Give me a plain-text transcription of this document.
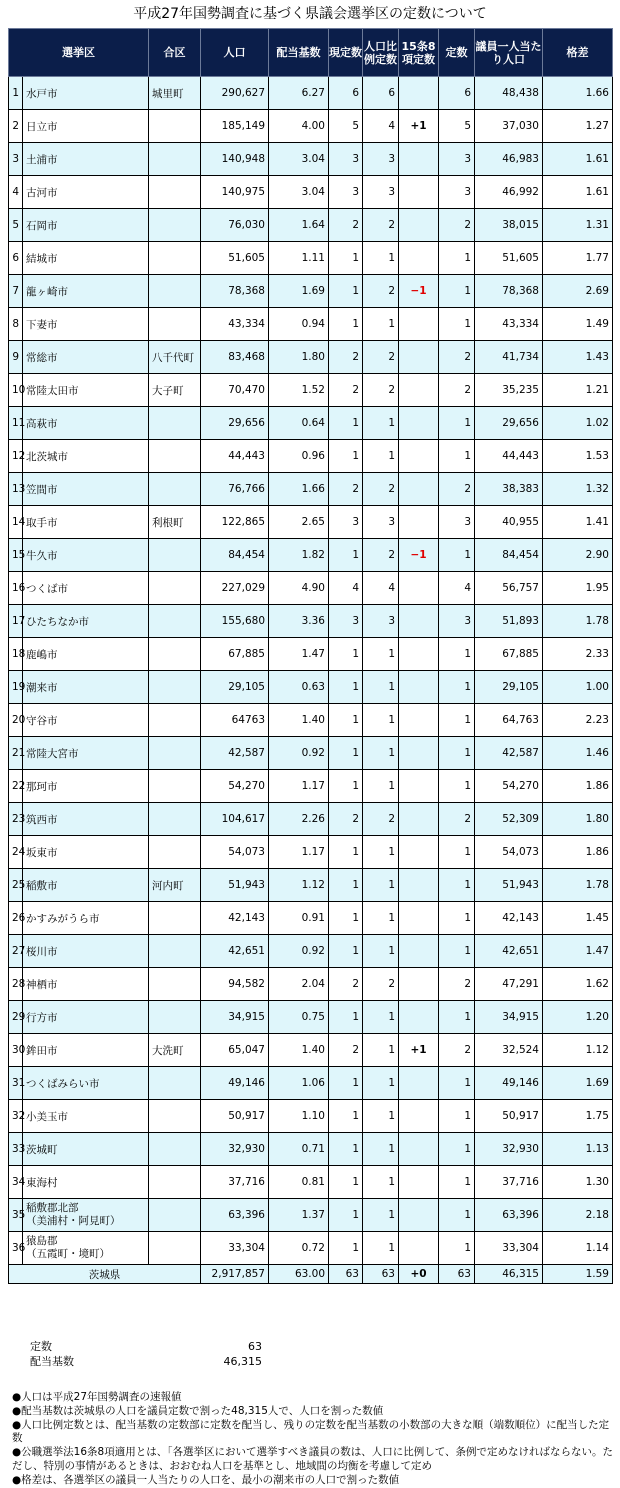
平成27年国勢調査に基づく県議会選挙区の定数について
選挙区		合区	人口	配当基数	現定数	人口比例定数	15条8項定数	定数	議員一人当たり人口	格差
1	水戸市	城里町	290,627	6.27	6	6		6	48,438	1.66
2	日立市		185,149	4.00	5	4	+1	5	37,030	1.27
3	土浦市		140,948	3.04	3	3		3	46,983	1.61
4	古河市		140,975	3.04	3	3		3	46,992	1.61
5	石岡市		76,030	1.64	2	2		2	38,015	1.31
6	結城市		51,605	1.11	1	1		1	51,605	1.77
7	龍ヶ崎市		78,368	1.69	1	2	−1	1	78,368	2.69
8	下妻市		43,334	0.94	1	1		1	43,334	1.49
9	常総市	八千代町	83,468	1.80	2	2		2	41,734	1.43
10	常陸太田市	大子町	70,470	1.52	2	2		2	35,235	1.21
11	高萩市		29,656	0.64	1	1		1	29,656	1.02
12	北茨城市		44,443	0.96	1	1		1	44,443	1.53
13	笠間市		76,766	1.66	2	2		2	38,383	1.32
14	取手市	利根町	122,865	2.65	3	3		3	40,955	1.41
15	牛久市		84,454	1.82	1	2	−1	1	84,454	2.90
16	つくば市		227,029	4.90	4	4		4	56,757	1.95
17	ひたちなか市		155,680	3.36	3	3		3	51,893	1.78
18	鹿嶋市		67,885	1.47	1	1		1	67,885	2.33
19	潮来市		29,105	0.63	1	1		1	29,105	1.00
20	守谷市		64763	1.40	1	1		1	64,763	2.23
21	常陸大宮市		42,587	0.92	1	1		1	42,587	1.46
22	那珂市		54,270	1.17	1	1		1	54,270	1.86
23	筑西市		104,617	2.26	2	2		2	52,309	1.80
24	坂東市		54,073	1.17	1	1		1	54,073	1.86
25	稲敷市	河内町	51,943	1.12	1	1		1	51,943	1.78
26	かすみがうら市		42,143	0.91	1	1		1	42,143	1.45
27	桜川市		42,651	0.92	1	1		1	42,651	1.47
28	神栖市		94,582	2.04	2	2		2	47,291	1.62
29	行方市		34,915	0.75	1	1		1	34,915	1.20
30	鉾田市	大洗町	65,047	1.40	2	1	+1	2	32,524	1.12
31	つくばみらい市		49,146	1.06	1	1		1	49,146	1.69
32	小美玉市		50,917	1.10	1	1		1	50,917	1.75
33	茨城町		32,930	0.71	1	1		1	32,930	1.13
34	東海村		37,716	0.81	1	1		1	37,716	1.30
35	稲敷郡北部
（美浦村・阿見町）		63,396	1.37	1	1		1	63,396	2.18
36	猿島郡
（五霞町・境町）		33,304	0.72	1	1		1	33,304	1.14
茨城県			2,917,857	63.00	63	63	+0	63	46,315	1.59
定数	63
配当基数	46,315
●人口は平成27年国勢調査の速報値
●配当基数は茨城県の人口を議員定数で割った48,315人で、人口を割った数値
●人口比例定数とは、配当基数の定数部に定数を配当し、残りの定数を配当基数の小数部の大きな順（端数順位）に配当した定数
●公職選挙法16条8項適用とは、「各選挙区において選挙すべき議員の数は、人口に比例して、条例で定めなければならない。ただし、特別の事情があるときは、おおむね人口を基準とし、地域間の均衡を考慮して定め
●格差は、各選挙区の議員一人当たりの人口を、最小の潮来市の人口で割った数値
